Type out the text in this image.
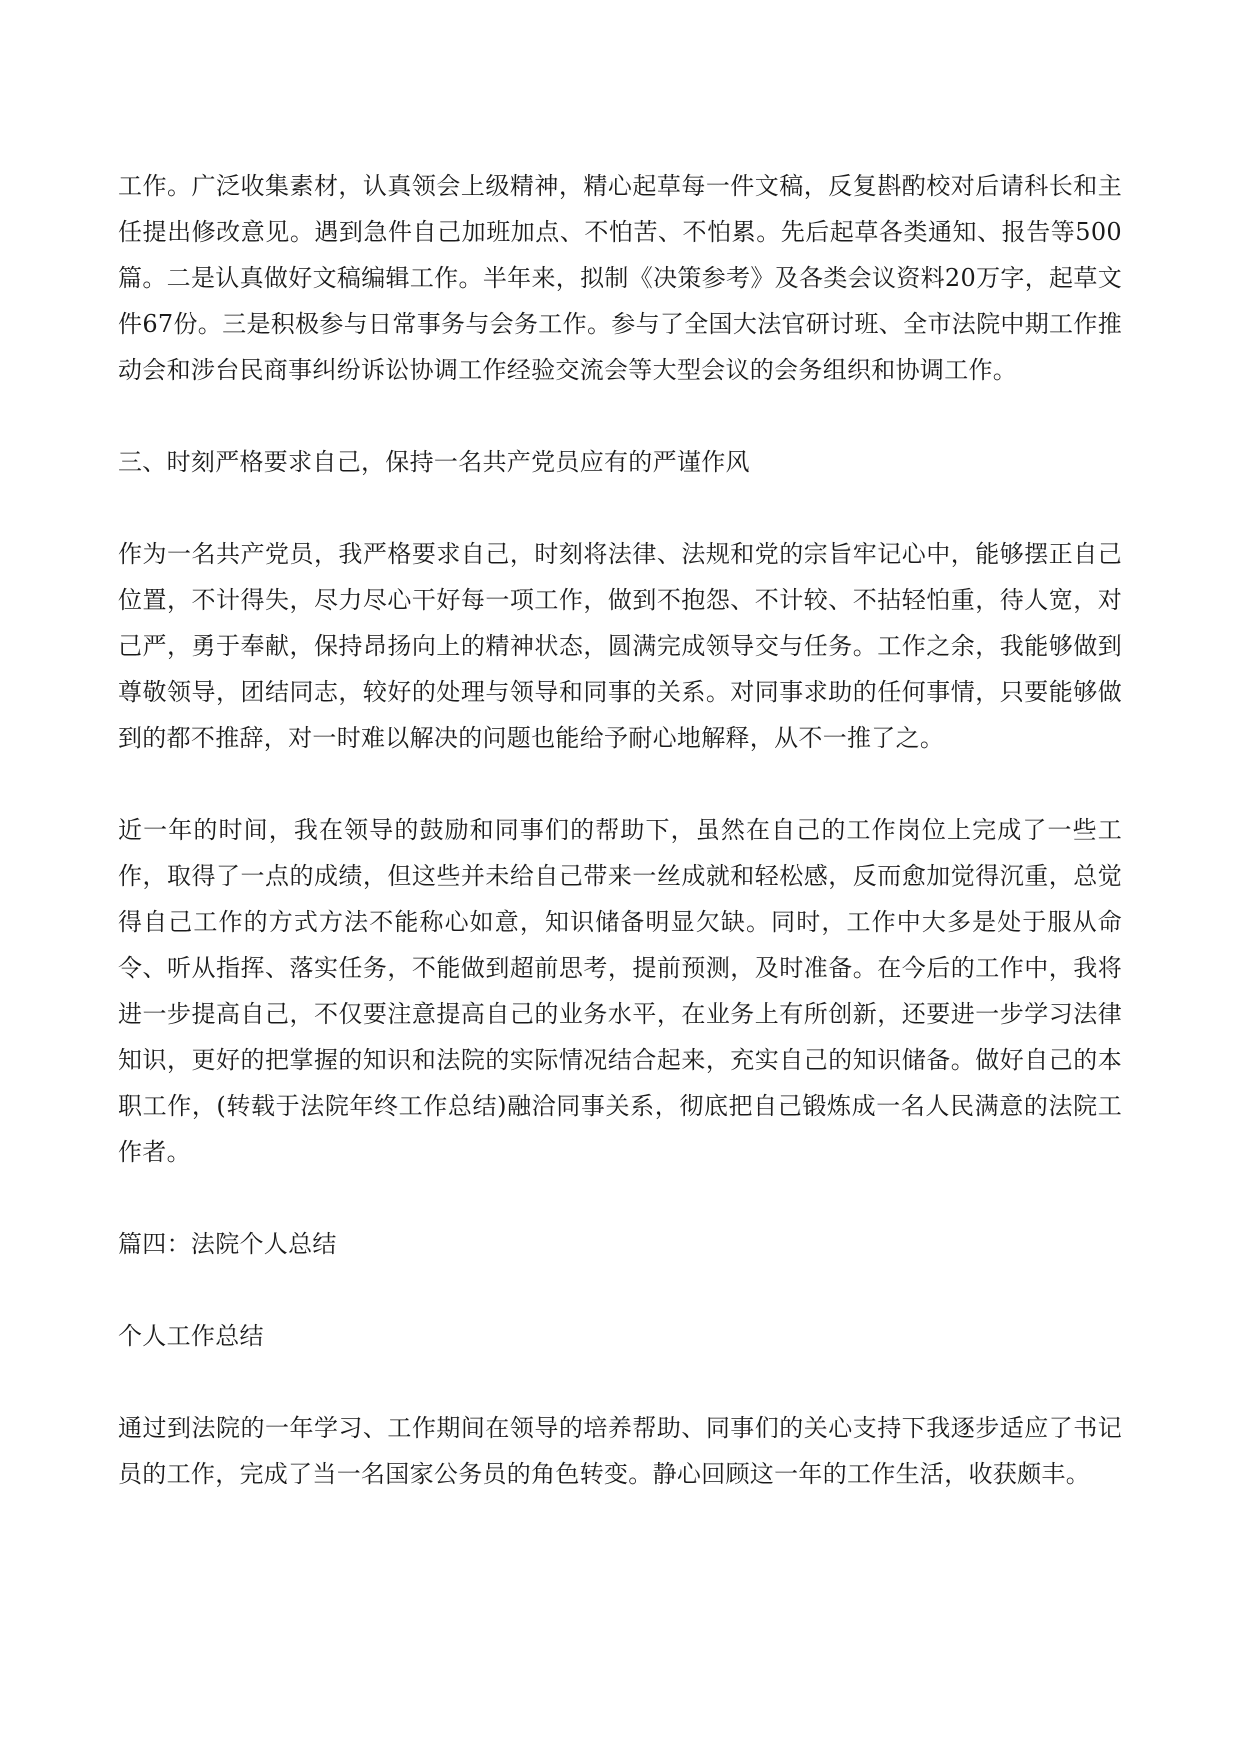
工作。广泛收集素材，认真领会上级精神，精心起草每一件文稿，反复斟酌校对后请科长和主任提出修改意见。遇到急件自己加班加点、不怕苦、不怕累。先后起草各类通知、报告等500篇。二是认真做好文稿编辑工作。半年来，拟制《决策参考》及各类会议资料20万字，起草文件67份。三是积极参与日常事务与会务工作。参与了全国大法官研讨班、全市法院中期工作推动会和涉台民商事纠纷诉讼协调工作经验交流会等大型会议的会务组织和协调工作。

三、时刻严格要求自己，保持一名共产党员应有的严谨作风

作为一名共产党员，我严格要求自己，时刻将法律、法规和党的宗旨牢记心中，能够摆正自己位置，不计得失，尽力尽心干好每一项工作，做到不抱怨、不计较、不拈轻怕重，待人宽，对己严，勇于奉献，保持昂扬向上的精神状态，圆满完成领导交与任务。工作之余，我能够做到尊敬领导，团结同志，较好的处理与领导和同事的关系。对同事求助的任何事情，只要能够做到的都不推辞，对一时难以解决的问题也能给予耐心地解释，从不一推了之。

近一年的时间，我在领导的鼓励和同事们的帮助下，虽然在自己的工作岗位上完成了一些工作，取得了一点的成绩，但这些并未给自己带来一丝成就和轻松感，反而愈加觉得沉重，总觉得自己工作的方式方法不能称心如意，知识储备明显欠缺。同时，工作中大多是处于服从命令、听从指挥、落实任务，不能做到超前思考，提前预测，及时准备。在今后的工作中，我将进一步提高自己，不仅要注意提高自己的业务水平，在业务上有所创新，还要进一步学习法律知识，更好的把掌握的知识和法院的实际情况结合起来，充实自己的知识储备。做好自己的本职工作，(转载于法院年终工作总结)融洽同事关系，彻底把自己锻炼成一名人民满意的法院工作者。

篇四：法院个人总结

个人工作总结

通过到法院的一年学习、工作期间在领导的培养帮助、同事们的关心支持下我逐步适应了书记员的工作，完成了当一名国家公务员的角色转变。静心回顾这一年的工作生活，收获颇丰。
